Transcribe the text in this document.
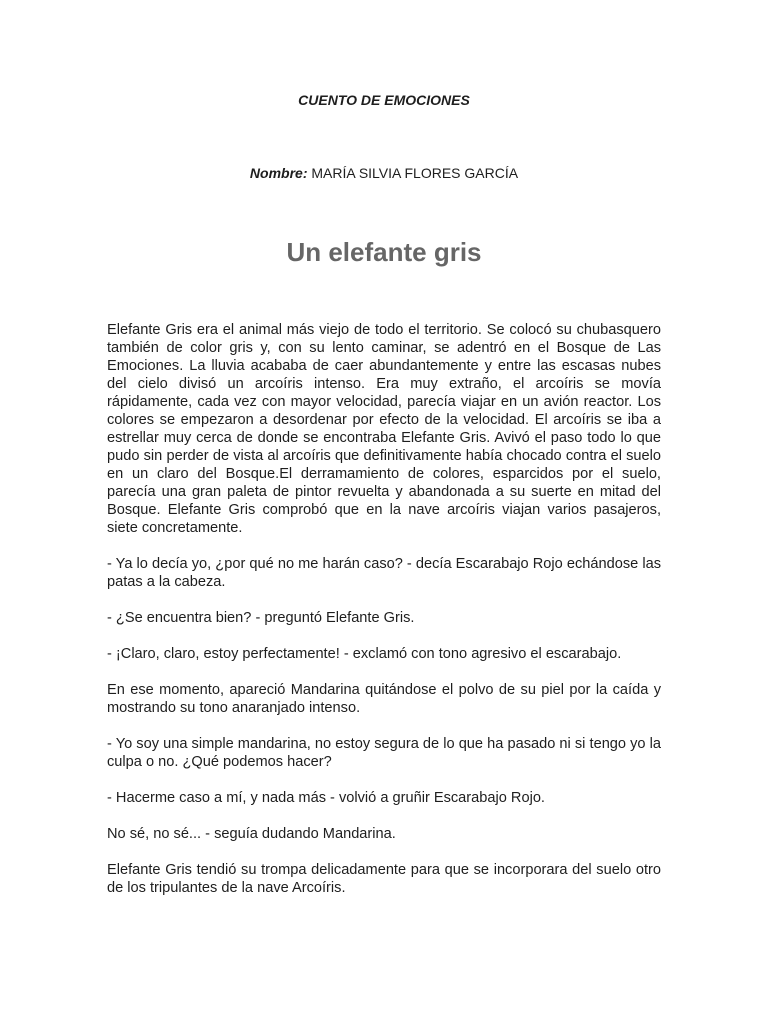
CUENTO DE EMOCIONES

Nombre: MARÍA SILVIA FLORES GARCÍA

Un elefante gris

Elefante Gris era el animal más viejo de todo el territorio. Se colocó su chubasquero también de color gris y, con su lento caminar, se adentró en el Bosque de Las Emociones. La lluvia acababa de caer abundantemente y entre las escasas nubes del cielo divisó un arcoíris intenso. Era muy extraño, el arcoíris se movía rápidamente, cada vez con mayor velocidad, parecía viajar en un avión reactor. Los colores se empezaron a desordenar por efecto de la velocidad. El arcoíris se iba a estrellar muy cerca de donde se encontraba Elefante Gris. Avivó el paso todo lo que pudo sin perder de vista al arcoíris que definitivamente había chocado contra el suelo en un claro del Bosque.El derramamiento de colores, esparcidos por el suelo, parecía una gran paleta de pintor revuelta y abandonada a su suerte en mitad del Bosque. Elefante Gris comprobó que en la nave arcoíris viajan varios pasajeros, siete concretamente.

- Ya lo decía yo, ¿por qué no me harán caso? - decía Escarabajo Rojo echándose las patas a la cabeza.

- ¿Se encuentra bien? - preguntó Elefante Gris.

- ¡Claro, claro, estoy perfectamente! - exclamó con tono agresivo el escarabajo.

En ese momento, apareció Mandarina quitándose el polvo de su piel por la caída y mostrando su tono anaranjado intenso.

- Yo soy una simple mandarina, no estoy segura de lo que ha pasado ni si tengo yo la culpa o no. ¿Qué podemos hacer?

- Hacerme caso a mí, y nada más - volvió a gruñir Escarabajo Rojo.

No sé, no sé... - seguía dudando Mandarina.

Elefante Gris tendió su trompa delicadamente para que se incorporara del suelo otro de los tripulantes de la nave Arcoíris.
